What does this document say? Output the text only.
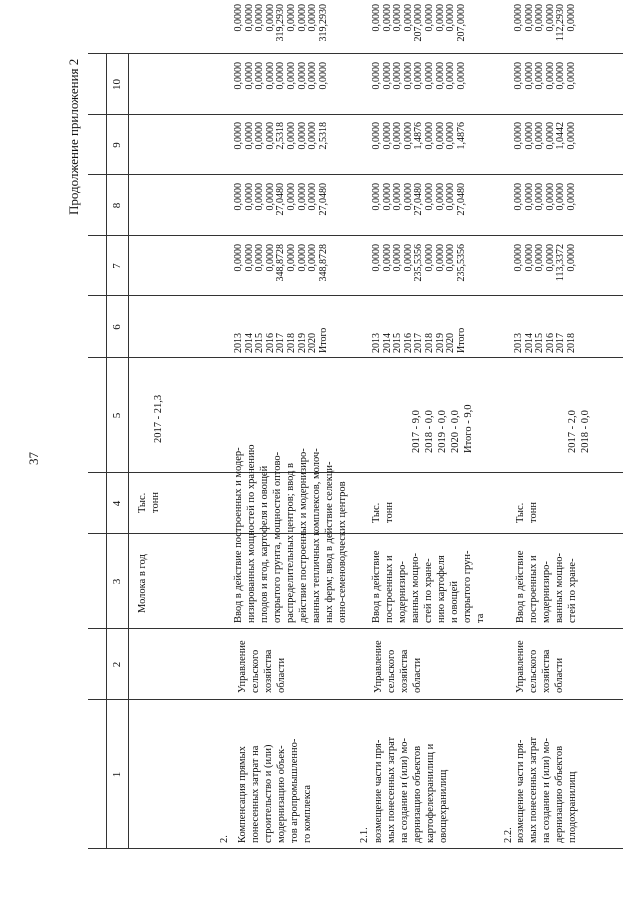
37
Продолжение приложения 2
1
2
3
4
5
6
7
8
9
10
Молока в год
Тыс.
тонн
2017 - 21,3
2. Компенсация прямых
понесенных затрат на
строительство и (или)
модернизацию объек-
тов агропромышленно-
го комплекса
Управление
сельского
хозяйства
области
Ввод в действие построенных и модер-
низированных мощностей по хранению
плодов и ягод, картофеля и овощей
открытого грунта, мощностей оптово-
распределительных центров; ввод в
действие построенных и модернизиро-
ванных тепличных комплексов, молоч-
ных ферм; ввод в действие селекци-
онно-семеноводческих центров
2013
2014
2015
2016
2017
2018
2019
2020
Итого
0,0000
0,0000
0,0000
0,0000
348,8728
0,0000
0,0000
0,0000
348,8728
0,0000
0,0000
0,0000
0,0000
27,0480
0,0000
0,0000
0,0000
27,0480
0,0000
0,0000
0,0000
0,0000
2,5318
0,0000
0,0000
0,0000
2,5318
0,0000
0,0000
0,0000
0,0000
0,0000
0,0000
0,0000
0,0000
0,0000
0,0000
0,0000
0,0000
0,0000
319,2930
0,0000
0,0000
0,0000
319,2930
2.1. возмещение части пря-
мых понесенных затрат
на создание и (или) мо-
дернизацию объектов
картофелехранилищ и
овощехранилищ
Управление
сельского
хозяйства
области
Ввод в действие
построенных и
модернизиро-
ванных мощно-
стей по хране-
нию картофеля
и овощей
открытого грун-
та
Тыс.
тонн
2017 - 9,0
2018 - 0,0
2019 - 0,0
2020 - 0,0
Итого - 9,0
2013
2014
2015
2016
2017
2018
2019
2020
Итого
0,0000
0,0000
0,0000
0,0000
235,5356
0,0000
0,0000
0,0000
235,5356
0,0000
0,0000
0,0000
0,0000
27,0480
0,0000
0,0000
0,0000
27,0480
0,0000
0,0000
0,0000
0,0000
1,4876
0,0000
0,0000
0,0000
1,4876
0,0000
0,0000
0,0000
0,0000
0,0000
0,0000
0,0000
0,0000
0,0000
0,0000
0,0000
0,0000
0,0000
207,0000
0,0000
0,0000
0,0000
207,0000
2.2. возмещение части пря-
мых понесенных затрат
на создание и (или) мо-
дернизацию объектов
плодохранилищ
Управление
сельского
хозяйства
области
Ввод в действие
построенных и
модернизиро-
ванных мощно-
стей по хране-
Тыс.
тонн
2017 - 2,0
2018 - 0,0
2013
2014
2015
2016
2017
2018
0,0000
0,0000
0,0000
0,0000
113,3372
0,0000
0,0000
0,0000
0,0000
0,0000
0,0000
0,0000
0,0000
0,0000
0,0000
0,0000
1,0442
0,0000
0,0000
0,0000
0,0000
0,0000
0,0000
0,0000
0,0000
0,0000
0,0000
0,0000
112,2930
0,0000
